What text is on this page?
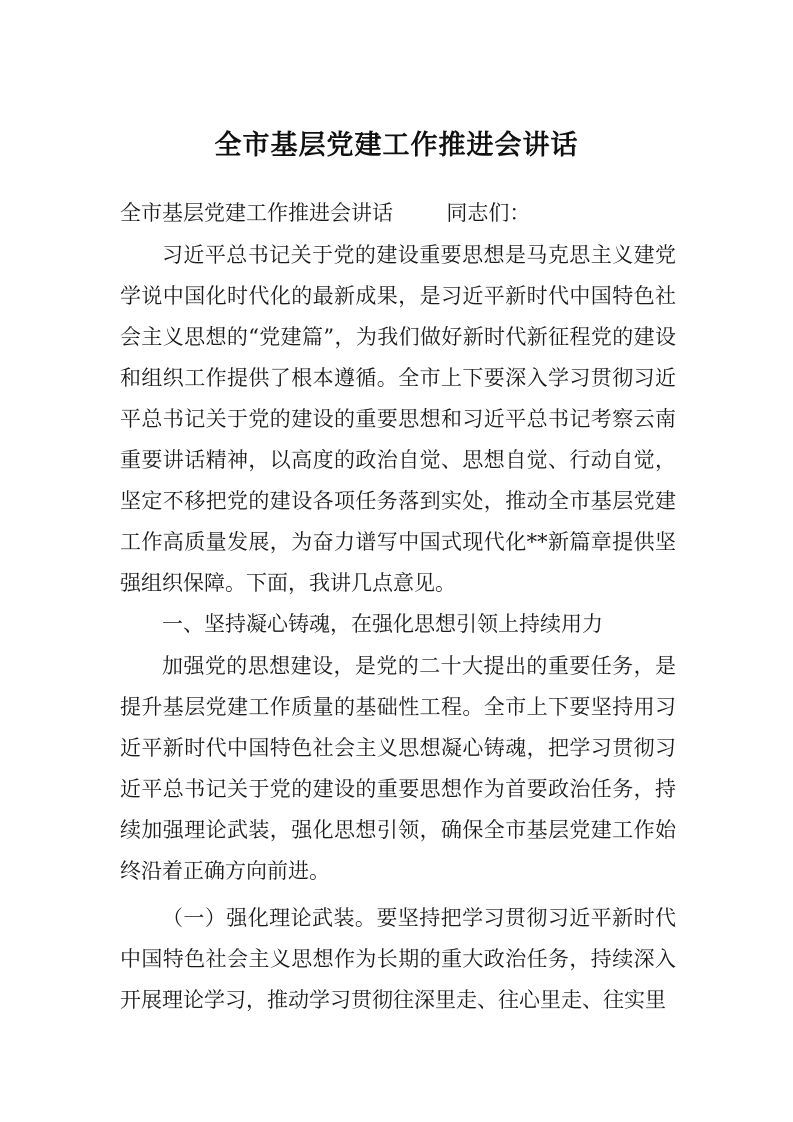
全市基层党建工作推进会讲话

全市基层党建工作推进会讲话	同志们：

习近平总书记关于党的建设重要思想是马克思主义建党学说中国化时代化的最新成果，是习近平新时代中国特色社会主义思想的“党建篇”，为我们做好新时代新征程党的建设和组织工作提供了根本遵循。全市上下要深入学习贯彻习近平总书记关于党的建设的重要思想和习近平总书记考察云南重要讲话精神，以高度的政治自觉、思想自觉、行动自觉，坚定不移把党的建设各项任务落到实处，推动全市基层党建工作高质量发展，为奋力谱写中国式现代化**新篇章提供坚强组织保障。下面，我讲几点意见。

一、坚持凝心铸魂，在强化思想引领上持续用力

加强党的思想建设，是党的二十大提出的重要任务，是提升基层党建工作质量的基础性工程。全市上下要坚持用习近平新时代中国特色社会主义思想凝心铸魂，把学习贯彻习近平总书记关于党的建设的重要思想作为首要政治任务，持续加强理论武装，强化思想引领，确保全市基层党建工作始终沿着正确方向前进。

（一）强化理论武装。要坚持把学习贯彻习近平新时代中国特色社会主义思想作为长期的重大政治任务，持续深入开展理论学习，推动学习贯彻往深里走、往心里走、往实里
